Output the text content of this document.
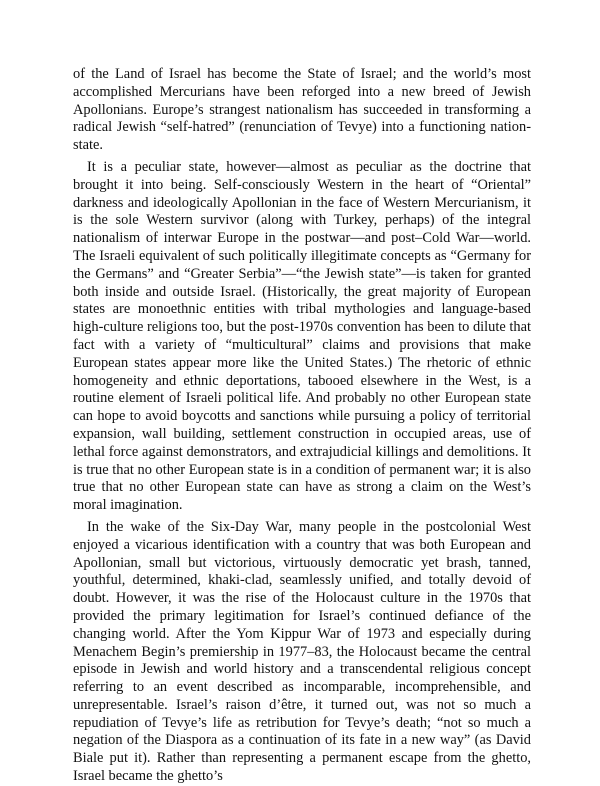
of the Land of Israel has become the State of Israel; and the world’s most accomplished Mercurians have been reforged into a new breed of Jewish Apollonians. Europe’s strangest nationalism has succeeded in transforming a radical Jewish “self-hatred” (renunciation of Tevye) into a functioning nation-state.

It is a peculiar state, however—almost as peculiar as the doctrine that brought it into being. Self-consciously Western in the heart of “Oriental” darkness and ideologically Apollonian in the face of Western Mercurianism, it is the sole Western survivor (along with Turkey, perhaps) of the integral nationalism of interwar Europe in the postwar—and post–Cold War—world. The Israeli equivalent of such politically illegitimate concepts as “Germany for the Germans” and “Greater Serbia”—“the Jewish state”—is taken for granted both inside and outside Israel. (Historically, the great majority of European states are monoethnic entities with tribal mythologies and language-based high-culture religions too, but the post-1970s convention has been to dilute that fact with a variety of “multicultural” claims and provisions that make European states appear more like the United States.) The rhetoric of ethnic homogeneity and ethnic deportations, tabooed elsewhere in the West, is a routine element of Israeli political life. And probably no other European state can hope to avoid boycotts and sanctions while pursuing a policy of territorial expansion, wall building, settlement construction in occupied areas, use of lethal force against demonstrators, and extrajudicial killings and demolitions. It is true that no other European state is in a condition of permanent war; it is also true that no other European state can have as strong a claim on the West’s moral imagination.

In the wake of the Six-Day War, many people in the postcolonial West enjoyed a vicarious identification with a country that was both European and Apollonian, small but victorious, virtuously democratic yet brash, tanned, youthful, determined, khaki-clad, seamlessly unified, and totally devoid of doubt. However, it was the rise of the Holocaust culture in the 1970s that provided the primary legitimation for Israel’s continued defiance of the changing world. After the Yom Kippur War of 1973 and especially during Menachem Begin’s premiership in 1977–83, the Holocaust became the central episode in Jewish and world history and a transcendental religious concept referring to an event described as incomparable, incomprehensible, and unrepresentable. Israel’s raison d’être, it turned out, was not so much a repudiation of Tevye’s life as retribution for Tevye’s death; “not so much a negation of the Diaspora as a continuation of its fate in a new way” (as David Biale put it). Rather than representing a permanent escape from the ghetto, Israel became the ghetto’s
